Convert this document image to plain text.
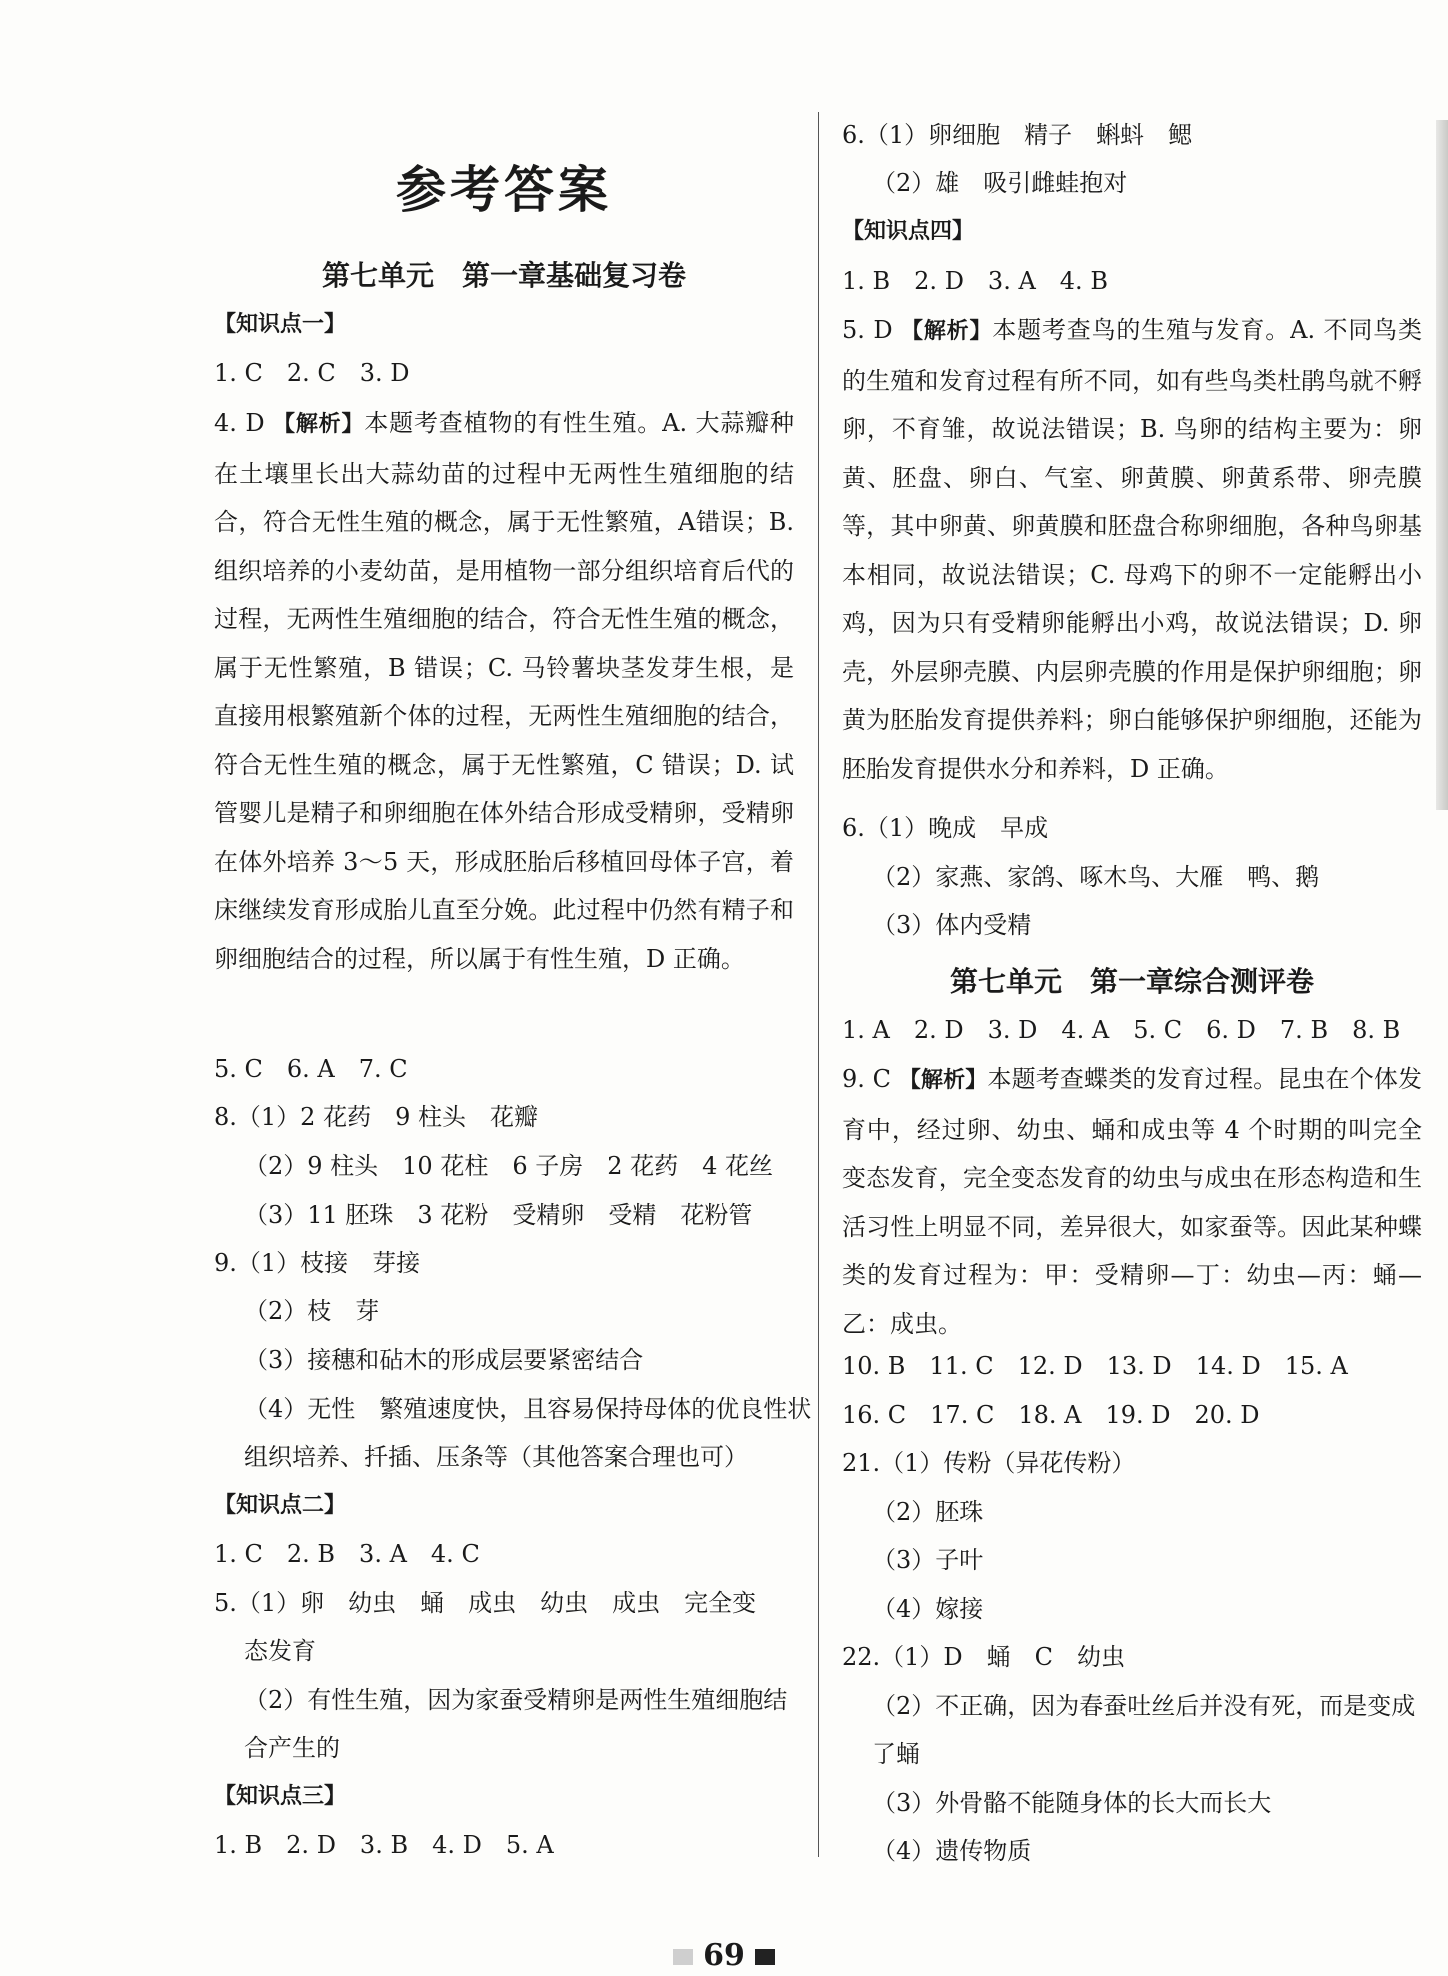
参考答案
第七单元　第一章基础复习卷
【知识点一】
1. C　2. C　3. D
4. D 【解析】本题考查植物的有性生殖。A. 大蒜瓣种在土壤里长出大蒜幼苗的过程中无两性生殖细胞的结合，符合无性生殖的概念，属于无性繁殖，A错误；B. 组织培养的小麦幼苗，是用植物一部分组织培育后代的过程，无两性生殖细胞的结合，符合无性生殖的概念，属于无性繁殖，B 错误；C. 马铃薯块茎发芽生根，是直接用根繁殖新个体的过程，无两性生殖细胞的结合，符合无性生殖的概念，属于无性繁殖，C 错误；D. 试管婴儿是精子和卵细胞在体外结合形成受精卵，受精卵在体外培养 3～5 天，形成胚胎后移植回母体子宫，着床继续发育形成胎儿直至分娩。此过程中仍然有精子和卵细胞结合的过程，所以属于有性生殖，D 正确。
5. C　6. A　7. C
8.（1）2 花药　9 柱头　花瓣
（2）9 柱头　10 花柱　6 子房　2 花药　4 花丝
（3）11 胚珠　3 花粉　受精卵　受精　花粉管
9.（1）枝接　芽接
（2）枝　芽
（3）接穗和砧木的形成层要紧密结合
（4）无性　繁殖速度快，且容易保持母体的优良性状
组织培养、扦插、压条等（其他答案合理也可）
【知识点二】
1. C　2. B　3. A　4. C
5.（1）卵　幼虫　蛹　成虫　幼虫　成虫　完全变
态发育
（2）有性生殖，因为家蚕受精卵是两性生殖细胞结
合产生的
【知识点三】
1. B　2. D　3. B　4. D　5. A
6.（1）卵细胞　精子　蝌蚪　鳃
（2）雄　吸引雌蛙抱对
【知识点四】
1. B　2. D　3. A　4. B
5. D 【解析】本题考查鸟的生殖与发育。A. 不同鸟类的生殖和发育过程有所不同，如有些鸟类杜鹃鸟就不孵卵，不育雏，故说法错误；B. 鸟卵的结构主要为：卵黄、胚盘、卵白、气室、卵黄膜、卵黄系带、卵壳膜等，其中卵黄、卵黄膜和胚盘合称卵细胞，各种鸟卵基本相同，故说法错误；C. 母鸡下的卵不一定能孵出小鸡，因为只有受精卵能孵出小鸡，故说法错误；D. 卵壳，外层卵壳膜、内层卵壳膜的作用是保护卵细胞；卵黄为胚胎发育提供养料；卵白能够保护卵细胞，还能为胚胎发育提供水分和养料，D 正确。
6.（1）晚成　早成
（2）家燕、家鸽、啄木鸟、大雁　鸭、鹅
（3）体内受精
第七单元　第一章综合测评卷
1. A　2. D　3. D　4. A　5. C　6. D　7. B　8. B
9. C 【解析】本题考查蝶类的发育过程。昆虫在个体发育中，经过卵、幼虫、蛹和成虫等 4 个时期的叫完全变态发育，完全变态发育的幼虫与成虫在形态构造和生活习性上明显不同，差异很大，如家蚕等。因此某种蝶类的发育过程为：甲：受精卵—丁：幼虫—丙：蛹—乙：成虫。
10. B　11. C　12. D　13. D　14. D　15. A
16. C　17. C　18. A　19. D　20. D
21.（1）传粉（异花传粉）
（2）胚珠
（3）子叶
（4）嫁接
22.（1）D　蛹　C　幼虫
（2）不正确，因为春蚕吐丝后并没有死，而是变成
了蛹
（3）外骨骼不能随身体的长大而长大
（4）遗传物质
69
